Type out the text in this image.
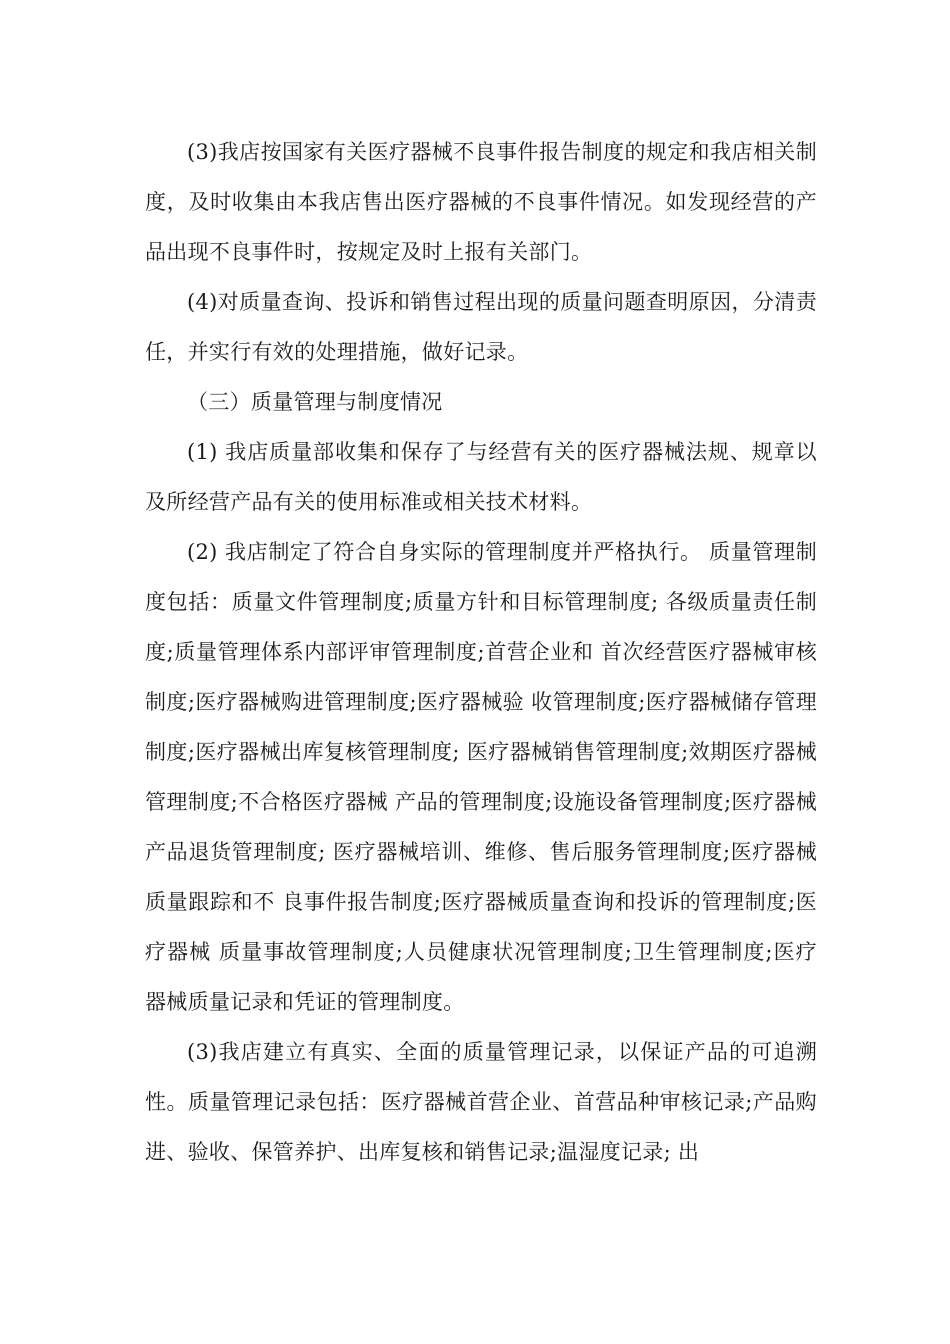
(3)我店按国家有关医疗器械不良事件报告制度的规定和我店相关制度，及时收集由本我店售出医疗器械的不良事件情况。如发现经营的产品出现不良事件时，按规定及时上报有关部门。

(4)对质量查询、投诉和销售过程出现的质量问题查明原因，分清责任，并实行有效的处理措施，做好记录。

（三）质量管理与制度情况

(1) 我店质量部收集和保存了与经营有关的医疗器械法规、规章以及所经营产品有关的使用标准或相关技术材料。

(2) 我店制定了符合自身实际的管理制度并严格执行。 质量管理制度包括：质量文件管理制度;质量方针和目标管理制度; 各级质量责任制度;质量管理体系内部评审管理制度;首营企业和 首次经营医疗器械审核制度;医疗器械购进管理制度;医疗器械验 收管理制度;医疗器械储存管理制度;医疗器械出库复核管理制度; 医疗器械销售管理制度;效期医疗器械管理制度;不合格医疗器械 产品的管理制度;设施设备管理制度;医疗器械产品退货管理制度; 医疗器械培训、维修、售后服务管理制度;医疗器械质量跟踪和不 良事件报告制度;医疗器械质量查询和投诉的管理制度;医疗器械 质量事故管理制度;人员健康状况管理制度;卫生管理制度;医疗 器械质量记录和凭证的管理制度。

(3)我店建立有真实、全面的质量管理记录，以保证产品的可追溯性。质量管理记录包括：医疗器械首营企业、首营品种审核记录;产品购进、验收、保管养护、出库复核和销售记录;温湿度记录; 出
